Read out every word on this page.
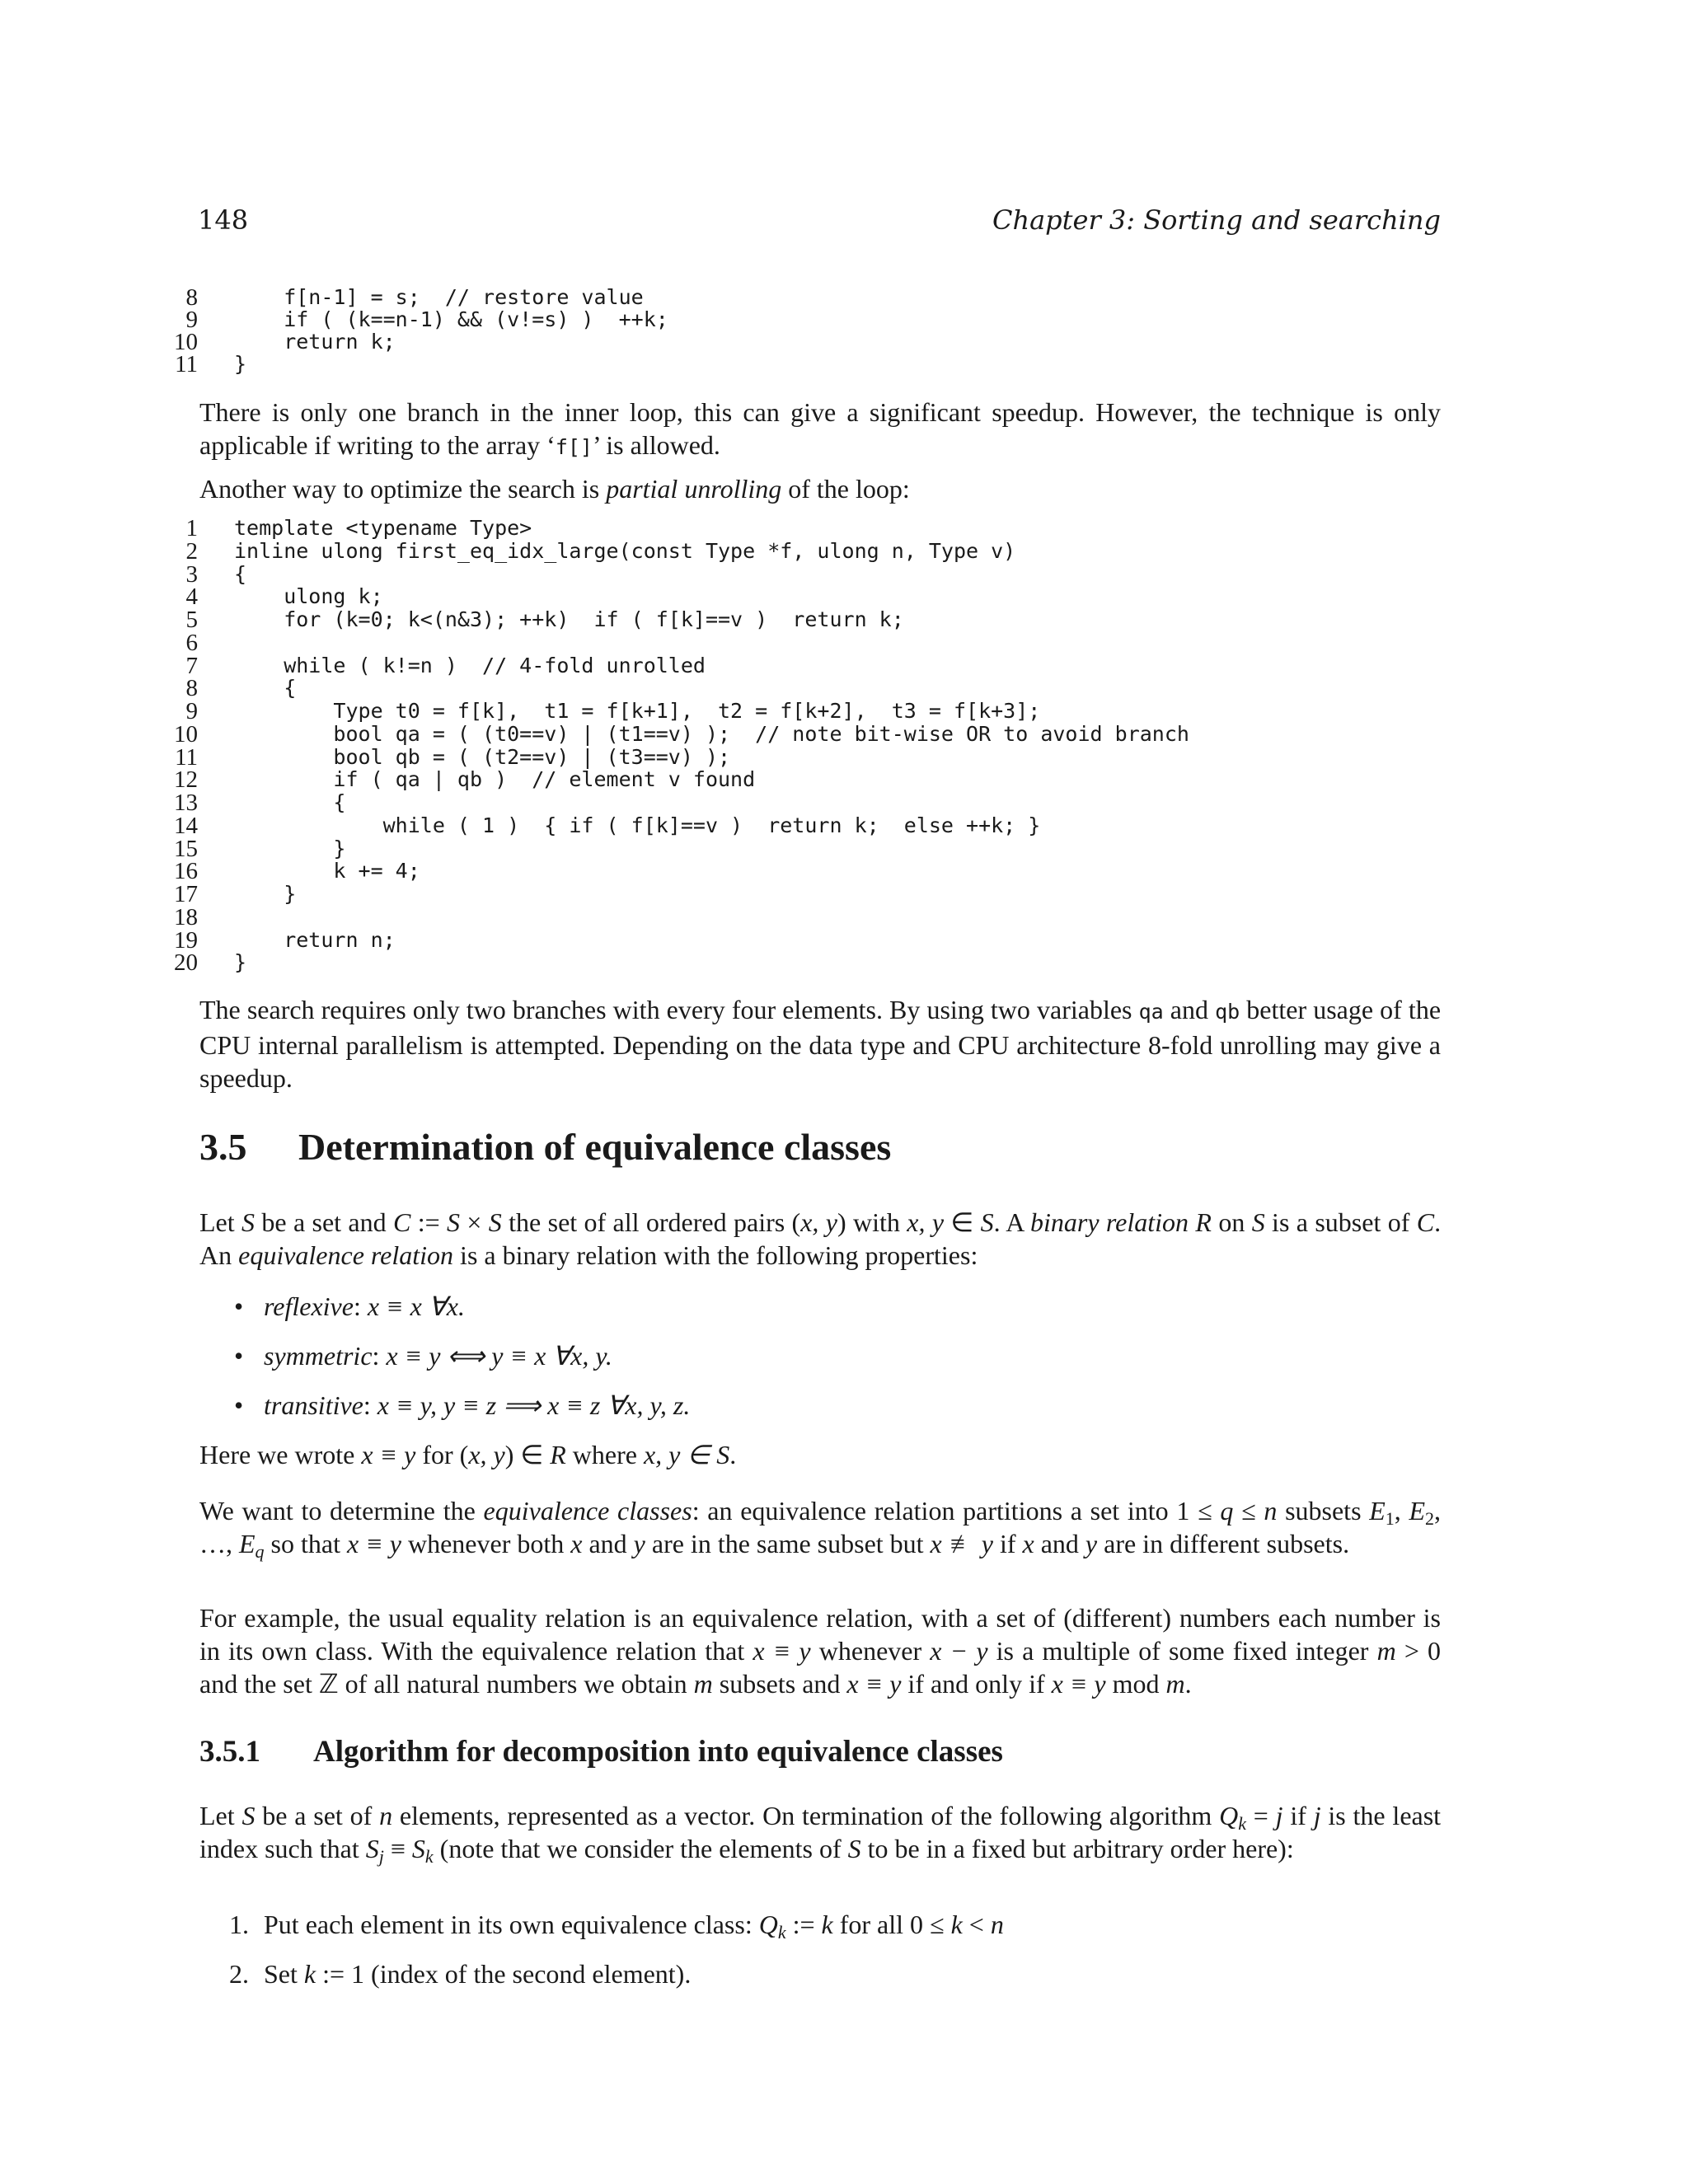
148	Chapter 3: Sorting and searching
8 f[n-1] = s;  // restore value
9 if ( (k==n-1) && (v!=s) )  ++k;
10 return k;
11 }

There is only one branch in the inner loop, this can give a significant speedup. However, the technique is only applicable if writing to the array ‘f[]’ is allowed.

Another way to optimize the search is partial unrolling of the loop:

1 template <typename Type>
2 inline ulong first_eq_idx_large(const Type *f, ulong n, Type v)
3 {
4 ulong k;
5 for (k=0; k<(n&3); ++k)  if ( f[k]==v )  return k;
6
7 while ( k!=n )  // 4-fold unrolled
8 {
9 Type t0 = f[k],  t1 = f[k+1],  t2 = f[k+2],  t3 = f[k+3];
10 bool qa = ( (t0==v) | (t1==v) );  // note bit-wise OR to avoid branch
11 bool qb = ( (t2==v) | (t3==v) );
12 if ( qa | qb )  // element v found
13 {
14 while ( 1 )  { if ( f[k]==v )  return k;  else ++k; }
15 }
16 k += 4;
17 }
18
19 return n;
20 }

The search requires only two branches with every four elements. By using two variables qa and qb better usage of the CPU internal parallelism is attempted. Depending on the data type and CPU architecture 8-fold unrolling may give a speedup.

3.5 Determination of equivalence classes

Let S be a set and C := S × S the set of all ordered pairs (x, y) with x, y ∈ S. A binary relation R on S is a subset of C. An equivalence relation is a binary relation with the following properties:

• reflexive: x ≡ x ∀x.
• symmetric: x ≡ y ⟺ y ≡ x ∀x, y.
• transitive: x ≡ y, y ≡ z ⟹ x ≡ z ∀x, y, z.

Here we wrote x ≡ y for (x, y) ∈ R where x, y ∈ S.

We want to determine the equivalence classes: an equivalence relation partitions a set into 1 ≤ q ≤ n subsets $E_1$, $E_2$, …, $E_q$ so that x ≡ y whenever both x and y are in the same subset but x ≢ y if x and y are in different subsets.

For example, the usual equality relation is an equivalence relation, with a set of (different) numbers each number is in its own class. With the equivalence relation that x ≡ y whenever x − y is a multiple of some fixed integer m > 0 and the set ℤ of all natural numbers we obtain m subsets and x ≡ y if and only if x ≡ y mod m.

3.5.1 Algorithm for decomposition into equivalence classes

Let S be a set of n elements, represented as a vector. On termination of the following algorithm $Q_k = j$ if j is the least index such that $S_j \equiv S_k$ (note that we consider the elements of S to be in a fixed but arbitrary order here):

1. Put each element in its own equivalence class: $Q_k$ := k for all 0 ≤ k < n
2. Set k := 1 (index of the second element).
